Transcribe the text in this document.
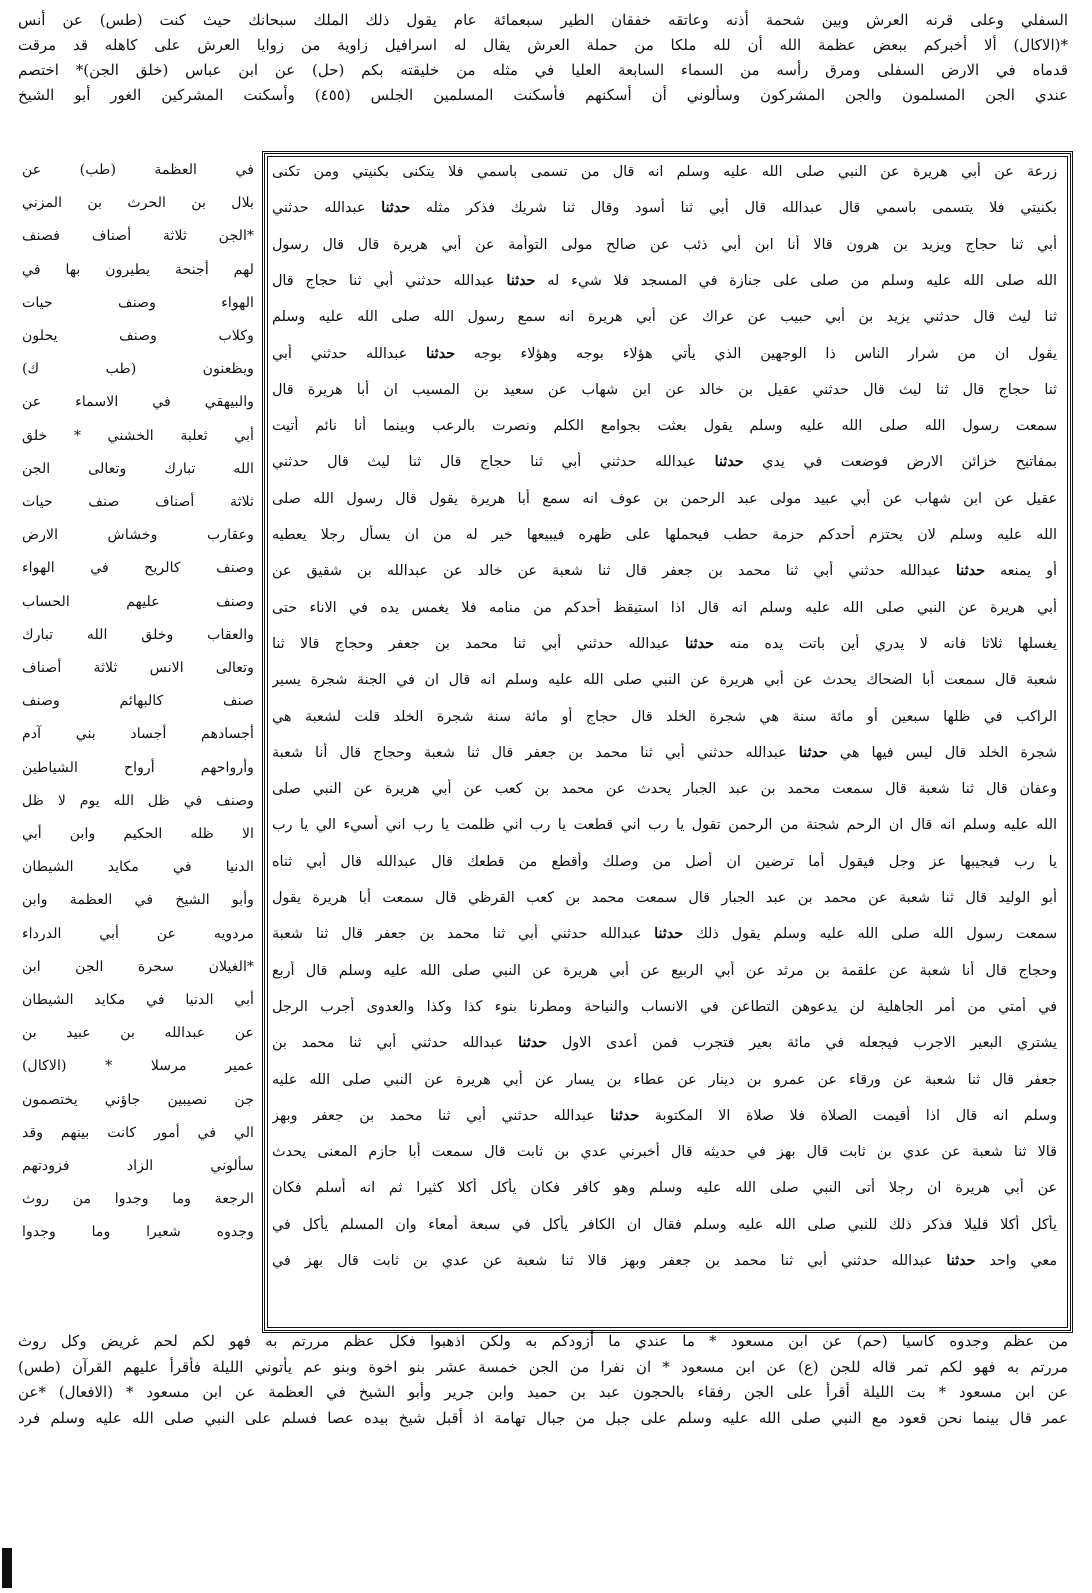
السفلي وعلى قرنه العرش وبين شحمة أذنه وعاتقه خفقان الطير سبعمائة عام يقول ذلك الملك سبحانك حيث كنت (طس) عن أنس
*(الاكال) ألا أخبركم ببعض عظمة الله أن لله ملكا من حملة العرش يقال له اسرافيل زاوية من زوايا العرش على كاهله قد مرقت
قدماه في الارض السفلى ومرق رأسه من السماء السابعة العليا في مثله من خليقته بكم (حل) عن ابن عباس (خلق الجن)* اختصم
عندي الجن المسلمون والجن المشركون وسألوني أن أسكنهم فأسكنت المسلمين الجلس (٤٥٥) وأسكنت المشركين الغور أبو الشيخ
زرعة عن أبي هريرة عن النبي صلى الله عليه وسلم انه قال من تسمى باسمي فلا يتكنى بكنيتي ومن تكنى
بكنيتي فلا يتسمى باسمي قال عبدالله قال أبي ثنا أسود وقال ثنا شريك فذكر مثله حدثنا عبدالله حدثني
أبي ثنا حجاج ويزيد بن هرون قالا أنا ابن أبي ذئب عن صالح مولى التوأمة عن أبي هريرة قال قال رسول
الله صلى الله عليه وسلم من صلى على جنازة في المسجد فلا شيء له حدثنا عبدالله حدثني أبي ثنا حجاج قال
ثنا ليث قال حدثني يزيد بن أبي حبيب عن عراك عن أبي هريرة انه سمع رسول الله صلى الله عليه وسلم
يقول ان من شرار الناس ذا الوجهين الذي يأتي هؤلاء بوجه وهؤلاء بوجه حدثنا عبدالله حدثني أبي
ثنا حجاج قال ثنا ليث قال حدثني عقيل بن خالد عن ابن شهاب عن سعيد بن المسيب ان أبا هريرة قال
سمعت رسول الله صلى الله عليه وسلم يقول بعثت بجوامع الكلم ونصرت بالرعب وبينما أنا نائم أتيت
بمفاتيح خزائن الارض فوضعت في يدي حدثنا عبدالله حدثني أبي ثنا حجاج قال ثنا ليث قال حدثني
عقيل عن ابن شهاب عن أبي عبيد مولى عبد الرحمن بن عوف انه سمع أبا هريرة يقول قال رسول الله صلى
الله عليه وسلم لان يحتزم أحدكم حزمة حطب فيحملها على ظهره فيبيعها خير له من ان يسأل رجلا يعطيه
أو يمنعه حدثنا عبدالله حدثني أبي ثنا محمد بن جعفر قال ثنا شعبة عن خالد عن عبدالله بن شقيق عن
أبي هريرة عن النبي صلى الله عليه وسلم انه قال اذا استيقظ أحدكم من منامه فلا يغمس يده في الاناء حتى
يغسلها ثلاثا فانه لا يدري أين باتت يده منه حدثنا عبدالله حدثني أبي ثنا محمد بن جعفر وحجاج قالا ثنا
شعبة قال سمعت أبا الضحاك يحدث عن أبي هريرة عن النبي صلى الله عليه وسلم انه قال ان في الجنة شجرة يسير
الراكب في ظلها سبعين أو مائة سنة هي شجرة الخلد قال حجاج أو مائة سنة شجرة الخلد قلت لشعبة هي
شجرة الخلد قال ليس فيها هي حدثنا عبدالله حدثني أبي ثنا محمد بن جعفر قال ثنا شعبة وحجاج قال أنا شعبة
وعفان قال ثنا شعبة قال سمعت محمد بن عبد الجبار يحدث عن محمد بن كعب عن أبي هريرة عن النبي صلى
الله عليه وسلم انه قال ان الرحم شجنة من الرحمن تقول يا رب اني قطعت يا رب اني ظلمت يا رب اني أسيء الي يا رب
يا رب فيجيبها عز وجل فيقول أما ترضين ان أصل من وصلك وأقطع من قطعك قال عبدالله قال أبي ثناه
أبو الوليد قال ثنا شعبة عن محمد بن عبد الجبار قال سمعت محمد بن كعب القرظي قال سمعت أبا هريرة يقول
سمعت رسول الله صلى الله عليه وسلم يقول ذلك حدثنا عبدالله حدثني أبي ثنا محمد بن جعفر قال ثنا شعبة
وحجاج قال أنا شعبة عن علقمة بن مرثد عن أبي الربيع عن أبي هريرة عن النبي صلى الله عليه وسلم قال أربع
في أمتي من أمر الجاهلية لن يدعوهن التطاعن في الانساب والنياحة ومطرنا بنوء كذا وكذا والعدوى أجرب الرجل
يشتري البعير الاجرب فيجعله في مائة بعير فتجرب فمن أعدى الاول حدثنا عبدالله حدثني أبي ثنا محمد بن
جعفر قال ثنا شعبة عن ورقاء عن عمرو بن دينار عن عطاء بن يسار عن أبي هريرة عن النبي صلى الله عليه
وسلم انه قال اذا أقيمت الصلاة فلا صلاة الا المكتوبة حدثنا عبدالله حدثني أبي ثنا محمد بن جعفر وبهز
قالا ثنا شعبة عن عدي بن ثابت قال بهز في حديثه قال أخبرني عدي بن ثابت قال سمعت أبا حازم المعنى يحدث
عن أبي هريرة ان رجلا أتى النبي صلى الله عليه وسلم وهو كافر فكان يأكل أكلا كثيرا ثم انه أسلم فكان
يأكل أكلا قليلا فذكر ذلك للنبي صلى الله عليه وسلم فقال ان الكافر يأكل في سبعة أمعاء وان المسلم يأكل في
معي واحد حدثنا عبدالله حدثني أبي ثنا محمد بن جعفر وبهز قالا ثنا شعبة عن عدي بن ثابت قال بهز في
في العظمة (طب) عن
بلال بن الحرث بن المزني
*الجن ثلاثة أصناف فصنف
لهم أجنحة يطيرون بها في
الهواء وصنف حيات
وكلاب وصنف يحلون
ويظعنون (طب ك)
والبيهقي في الاسماء عن
أبي ثعلبة الخشني * خلق
الله تبارك وتعالى الجن
ثلاثة أصناف صنف حيات
وعقارب وخشاش الارض
وصنف كالريح في الهواء
وصنف عليهم الحساب
والعقاب وخلق الله تبارك
وتعالى الانس ثلاثة أصناف
صنف كالبهائم وصنف
أجسادهم أجساد بني آدم
وأرواحهم أرواح الشياطين
وصنف في ظل الله يوم لا ظل
الا ظله الحكيم وابن أبي
الدنيا في مكايد الشيطان
وأبو الشيخ في العظمة وابن
مردويه عن أبي الدرداء
*الغيلان سحرة الجن ابن
أبي الدنيا في مكايد الشيطان
عن عبدالله بن عبيد بن
عمير مرسلا * (الاكال)
جن نصيبين جاؤني يختصمون
الي في أمور كانت بينهم وقد
سألوني الزاد فزودتهم
الرجعة وما وجدوا من روث
وجدوه شعيرا وما وجدوا
من عظم وجدوه كاسيا (حم) عن ابن مسعود * ما عندي ما أزودكم به ولكن اذهبوا فكل عظم مررتم به فهو لكم لحم غريض وكل روث
مررتم به فهو لكم تمر قاله للجن (ع) عن ابن مسعود * ان نفرا من الجن خمسة عشر بنو اخوة وبنو عم يأتوني الليلة فأقرأ عليهم القرآن (طس)
عن ابن مسعود * بت الليلة أقرأ على الجن رفقاء بالحجون عبد بن حميد وابن جرير وأبو الشيخ في العظمة عن ابن مسعود * (الافعال) *عن
عمر قال بينما نحن قعود مع النبي صلى الله عليه وسلم على جبل من جبال تهامة اذ أقبل شيخ بيده عصا فسلم على النبي صلى الله عليه وسلم فرد
